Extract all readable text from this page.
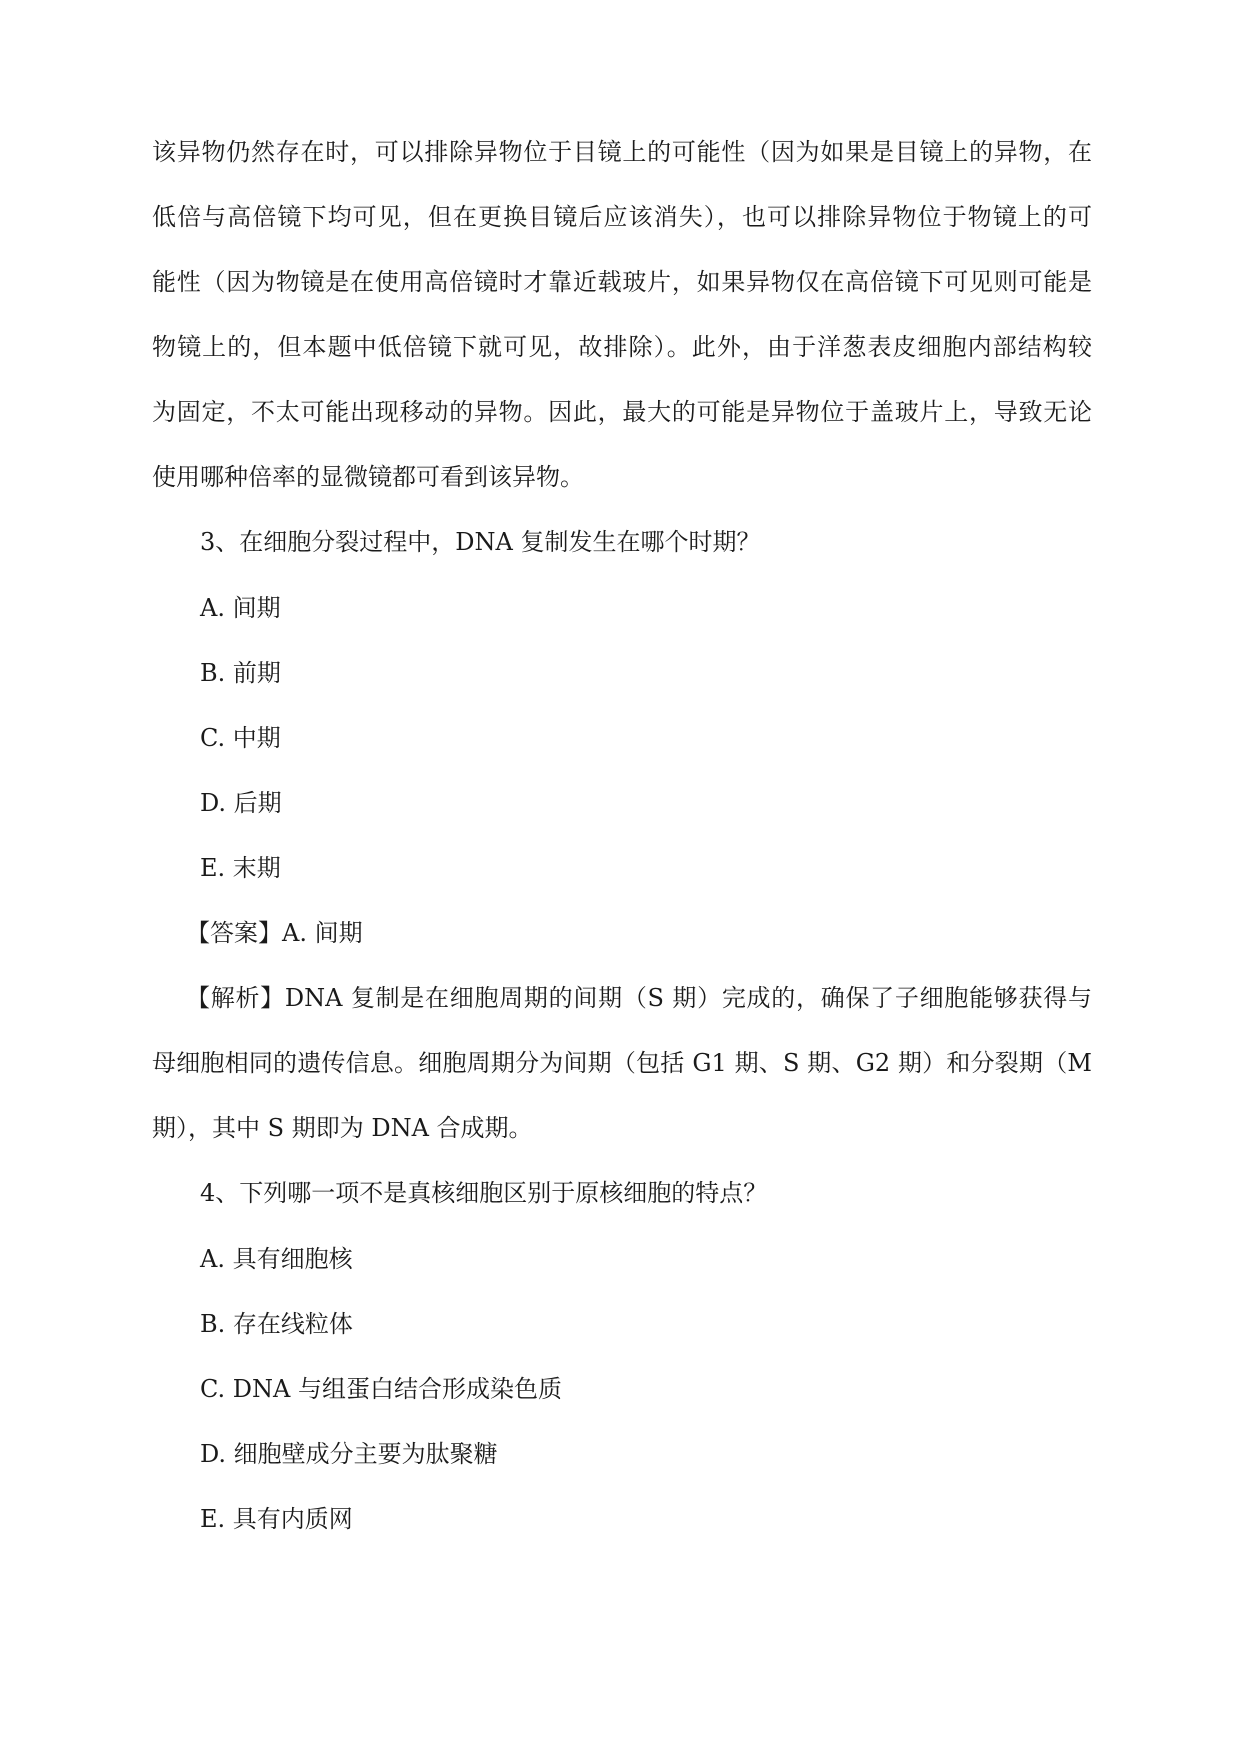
该异物仍然存在时，可以排除异物位于目镜上的可能性（因为如果是目镜上的异物，在
低倍与高倍镜下均可见，但在更换目镜后应该消失），也可以排除异物位于物镜上的可
能性（因为物镜是在使用高倍镜时才靠近载玻片，如果异物仅在高倍镜下可见则可能是
物镜上的，但本题中低倍镜下就可见，故排除）。此外，由于洋葱表皮细胞内部结构较
为固定，不太可能出现移动的异物。因此，最大的可能是异物位于盖玻片上，导致无论
使用哪种倍率的显微镜都可看到该异物。
3、在细胞分裂过程中，DNA 复制发生在哪个时期？
A. 间期
B. 前期
C. 中期
D. 后期
E. 末期
【答案】A. 间期
【解析】DNA 复制是在细胞周期的间期（S 期）完成的，确保了子细胞能够获得与
母细胞相同的遗传信息。细胞周期分为间期（包括 G1 期、S 期、G2 期）和分裂期（M
期），其中 S 期即为 DNA 合成期。
4、下列哪一项不是真核细胞区别于原核细胞的特点？
A. 具有细胞核
B. 存在线粒体
C. DNA 与组蛋白结合形成染色质
D. 细胞壁成分主要为肽聚糖
E. 具有内质网
